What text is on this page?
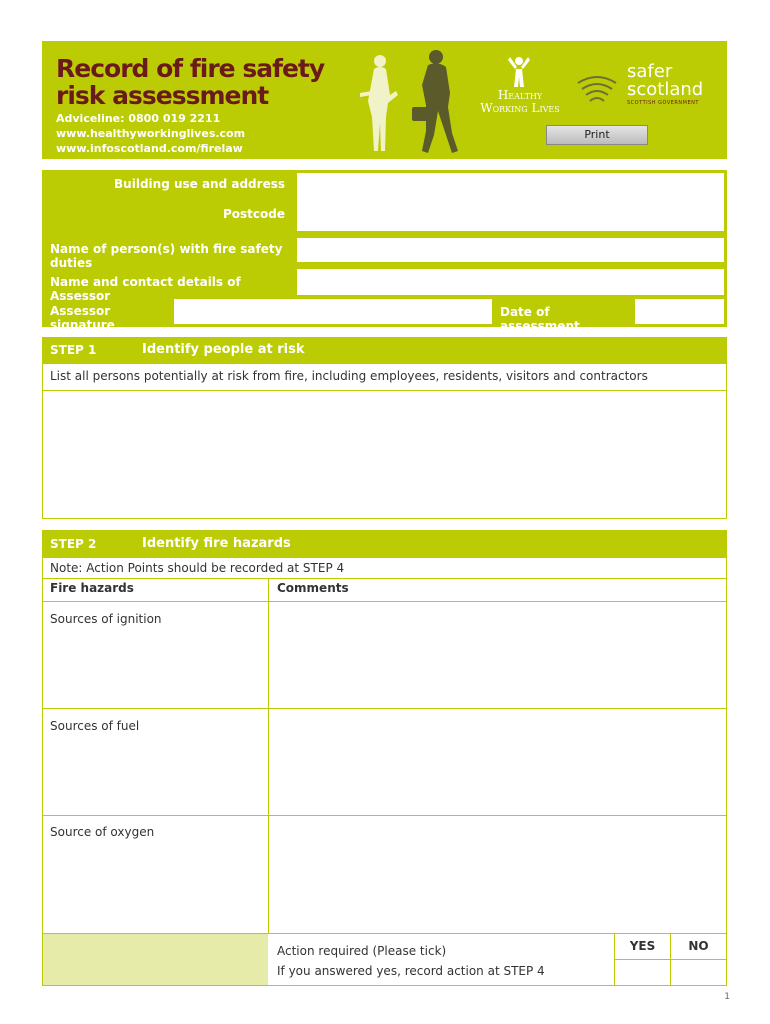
Record of fire safety
risk assessment
Adviceline: 0800 019 2211
www.healthyworkinglives.com
www.infoscotland.com/firelaw
Healthy
Working Lives
safer
scotland
SCOTTISH GOVERNMENT
Print
Building use and address
Postcode
Name of person(s) with fire safety duties
Name and contact details of Assessor
Assessor signature
Date of assessment
STEP 1	Identify people at risk
List all persons potentially at risk from fire, including employees, residents, visitors and contractors
STEP 2	Identify fire hazards
Note: Action Points should be recorded at STEP 4
Fire hazards	Comments
Sources of ignition
Sources of fuel
Source of oxygen
Action required (Please tick)
If you answered yes, record action at STEP 4
YES	NO
1
